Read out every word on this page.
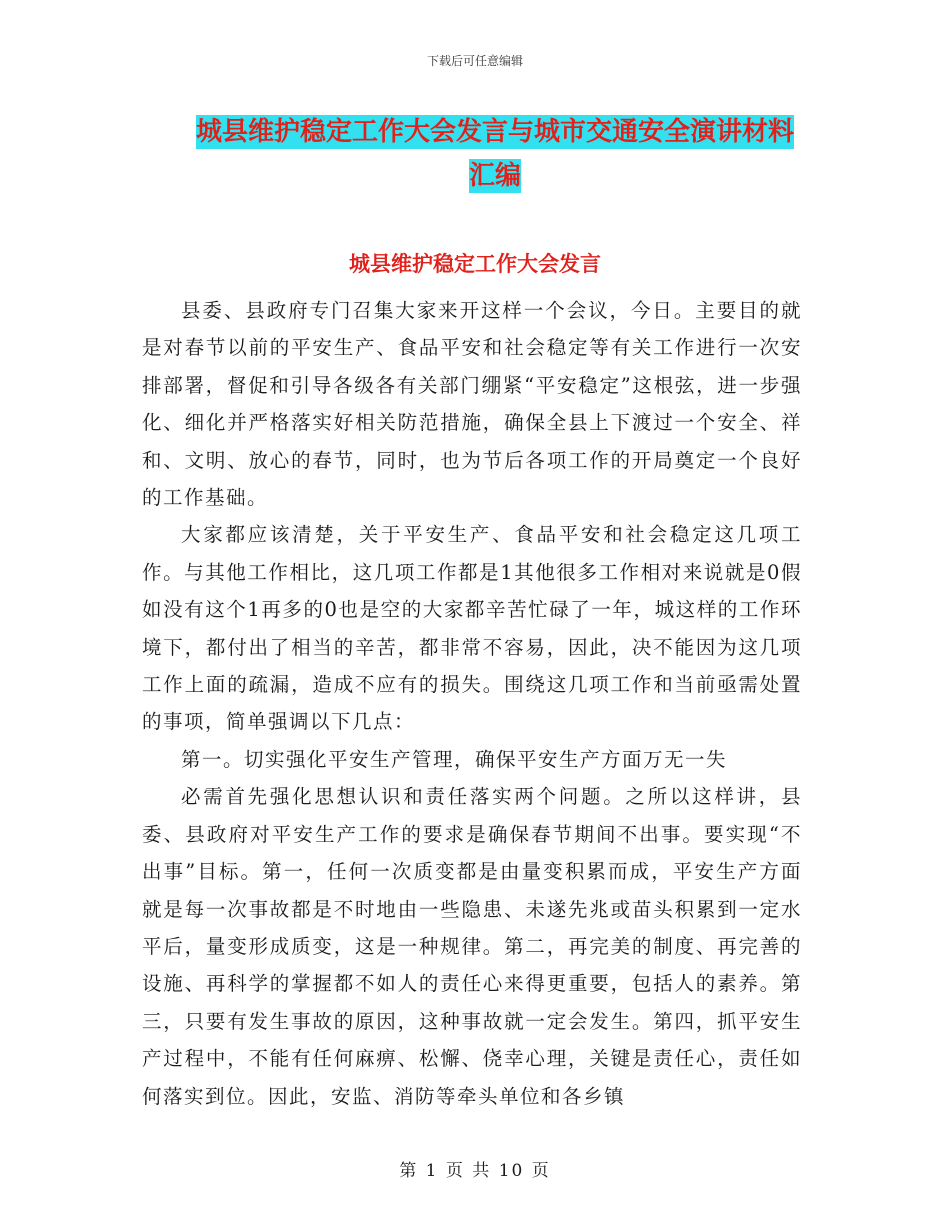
下载后可任意编辑
城县维护稳定工作大会发言与城市交通安全演讲材料
汇编
城县维护稳定工作大会发言

县委、县政府专门召集大家来开这样一个会议，今日。主要目的就是对春节以前的平安生产、食品平安和社会稳定等有关工作进行一次安排部署，督促和引导各级各有关部门绷紧“平安稳定”这根弦，进一步强化、细化并严格落实好相关防范措施，确保全县上下渡过一个安全、祥和、文明、放心的春节，同时，也为节后各项工作的开局奠定一个良好的工作基础。

大家都应该清楚，关于平安生产、食品平安和社会稳定这几项工作。与其他工作相比，这几项工作都是1其他很多工作相对来说就是0假如没有这个1再多的0也是空的大家都辛苦忙碌了一年，城这样的工作环境下，都付出了相当的辛苦，都非常不容易，因此，决不能因为这几项工作上面的疏漏，造成不应有的损失。围绕这几项工作和当前亟需处置的事项，简单强调以下几点：

第一。切实强化平安生产管理，确保平安生产方面万无一失

必需首先强化思想认识和责任落实两个问题。之所以这样讲，县委、县政府对平安生产工作的要求是确保春节期间不出事。要实现“不出事”目标。第一，任何一次质变都是由量变积累而成，平安生产方面就是每一次事故都是不时地由一些隐患、未遂先兆或苗头积累到一定水平后，量变形成质变，这是一种规律。第二，再完美的制度、再完善的设施、再科学的掌握都不如人的责任心来得更重要，包括人的素养。第三，只要有发生事故的原因，这种事故就一定会发生。第四，抓平安生产过程中，不能有任何麻痹、松懈、侥幸心理，关键是责任心，责任如何落实到位。因此，安监、消防等牵头单位和各乡镇

第 1 页 共 10 页
